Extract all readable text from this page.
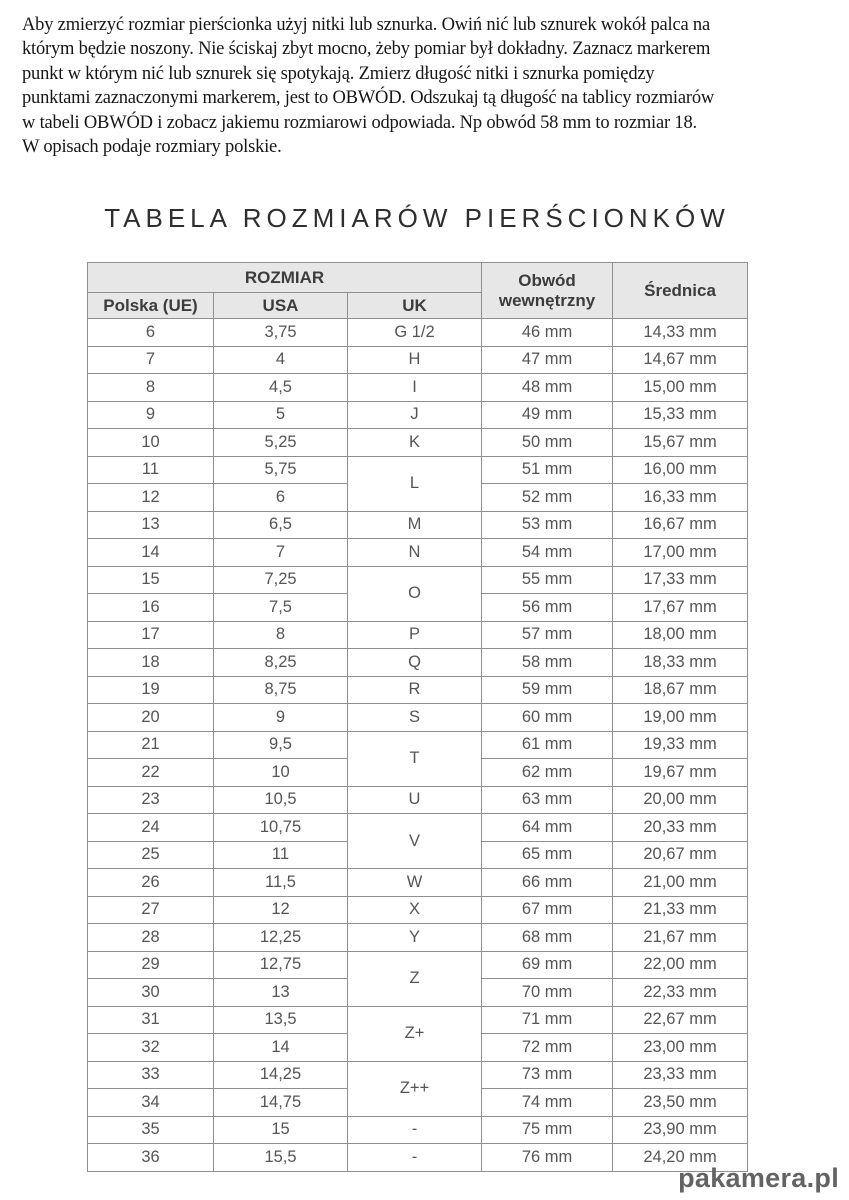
Aby zmierzyć rozmiar pierścionka użyj nitki lub sznurka. Owiń nić lub sznurek wokół palca na
którym będzie noszony. Nie ściskaj zbyt mocno, żeby pomiar był dokładny. Zaznacz markerem
punkt w którym nić lub sznurek się spotykają. Zmierz długość nitki i sznurka pomiędzy
punktami zaznaczonymi markerem, jest to OBWÓD. Odszukaj tą długość na tablicy rozmiarów
w tabeli OBWÓD i zobacz jakiemu rozmiarowi odpowiada. Np obwód 58 mm to rozmiar 18.
W opisach podaje rozmiary polskie.
TABELA ROZMIARÓW PIERŚCIONKÓW
ROZMIAR			Obwód wewnętrzny	Średnica
Polska (UE)	USA	UK		
6	3,75	G 1/2	46 mm	14,33 mm
7	4	H	47 mm	14,67 mm
8	4,5	I	48 mm	15,00 mm
9	5	J	49 mm	15,33 mm
10	5,25	K	50 mm	15,67 mm
11	5,75	L	51 mm	16,00 mm
12	6		52 mm	16,33 mm
13	6,5	M	53 mm	16,67 mm
14	7	N	54 mm	17,00 mm
15	7,25	O	55 mm	17,33 mm
16	7,5		56 mm	17,67 mm
17	8	P	57 mm	18,00 mm
18	8,25	Q	58 mm	18,33 mm
19	8,75	R	59 mm	18,67 mm
20	9	S	60 mm	19,00 mm
21	9,5	T	61 mm	19,33 mm
22	10		62 mm	19,67 mm
23	10,5	U	63 mm	20,00 mm
24	10,75	V	64 mm	20,33 mm
25	11		65 mm	20,67 mm
26	11,5	W	66 mm	21,00 mm
27	12	X	67 mm	21,33 mm
28	12,25	Y	68 mm	21,67 mm
29	12,75	Z	69 mm	22,00 mm
30	13		70 mm	22,33 mm
31	13,5	Z+	71 mm	22,67 mm
32	14		72 mm	23,00 mm
33	14,25	Z++	73 mm	23,33 mm
34	14,75		74 mm	23,50 mm
35	15	-	75 mm	23,90 mm
36	15,5	-	76 mm	24,20 mm
pakamera.pl
